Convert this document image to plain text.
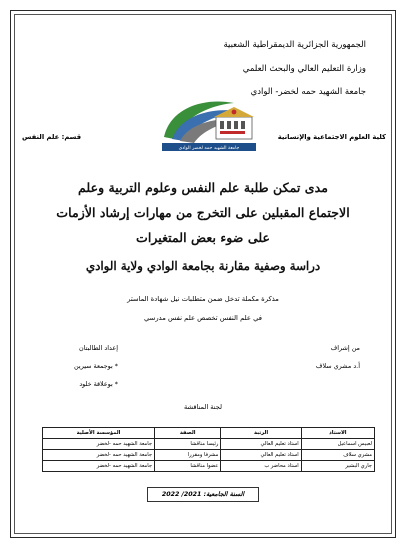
الجمهورية الجزائرية الديمقراطية الشعبية
وزارة التعليم العالي والبحث العلمي
جامعة الشهيد حمه لخضر- الوادي
جامعة الشهيد حمه لخضر الوادي
كلية العلوم الاجتماعية والإنسانية
قسم: علم النفس
مدى تمكن طلبة علم النفس وعلوم التربية وعلم
الاجتماع المقبلين على التخرج من مهارات إرشاد الأزمات
على ضوء بعض المتغيرات
دراسة وصفية مقارنة بجامعة الوادي ولاية الوادي
مذكرة مكملة تدخل ضمن متطلبات نيل شهادة الماستر
في علم النفس تخصص علم نفس مدرسي
من إشراف
أ.د مشري سلاف
إعداد الطالبتان
* بوجمعة سيرين
* بوعلاقة خلود
لجنة المناقشة
الاستاذ	الرتبة	الصفة	المؤسسة الأصلية
لعبيس اسماعيل	استاذ تعليم العالي	رئيسا مناقشا	جامعة الشهيد حمه -لخضر
مشري سلاف	استاذ تعليم العالي	مشرفا ومقررا	جامعة الشهيد حمه -لخضر
جاري البشير	استاذ محاضر ب	عضوا مناقشا	جامعة الشهيد حمه -لخضر
السنة الجامعية: 2021/ 2022
